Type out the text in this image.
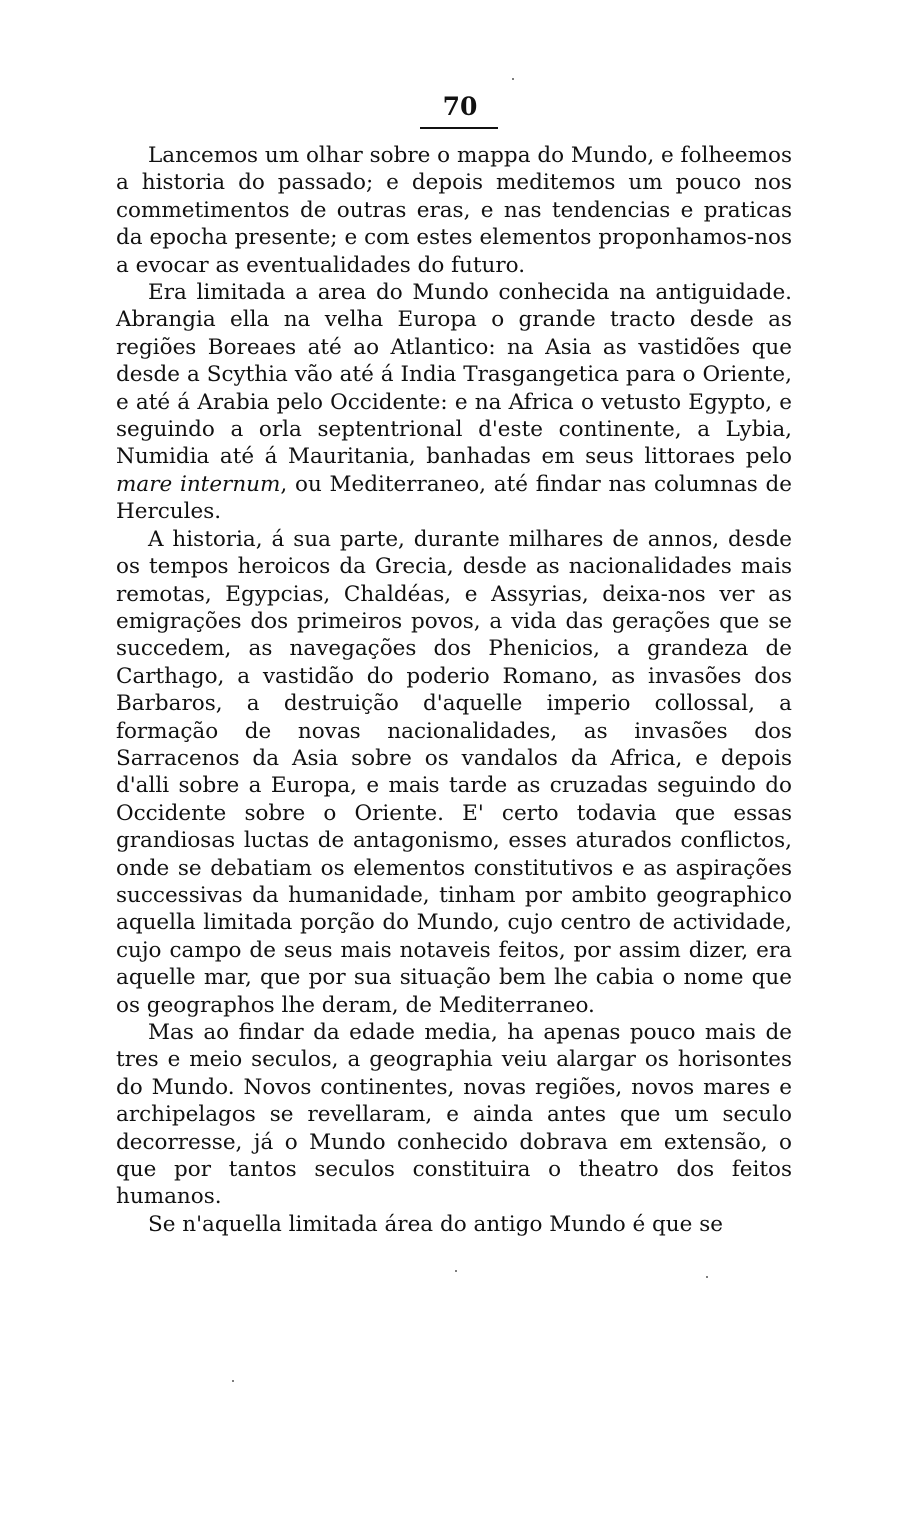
70

Lancemos um olhar sobre o mappa do Mundo, e folheemos a historia do passado; e depois meditemos um pouco nos commetimentos de outras eras, e nas tendencias e praticas da epocha presente; e com estes elementos proponhamos-nos a evocar as eventualidades do futuro.

Era limitada a area do Mundo conhecida na antiguidade. Abrangia ella na velha Europa o grande tracto desde as regiões Boreaes até ao Atlantico: na Asia as vastidões que desde a Scythia vão até á India Trasgangetica para o Oriente, e até á Arabia pelo Occidente: e na Africa o vetusto Egypto, e seguindo a orla septentrional d'este continente, a Lybia, Numidia até á Mauritania, banhadas em seus littoraes pelo mare internum, ou Mediterraneo, até findar nas columnas de Hercules.

A historia, á sua parte, durante milhares de annos, desde os tempos heroicos da Grecia, desde as nacionalidades mais remotas, Egypcias, Chaldéas, e Assyrias, deixa-nos ver as emigrações dos primeiros povos, a vida das gerações que se succedem, as navegações dos Phenicios, a grandeza de Carthago, a vastidão do poderio Romano, as invasões dos Barbaros, a destruição d'aquelle imperio collossal, a formação de novas nacionalidades, as invasões dos Sarracenos da Asia sobre os vandalos da Africa, e depois d'alli sobre a Europa, e mais tarde as cruzadas seguindo do Occidente sobre o Oriente. E' certo todavia que essas grandiosas luctas de antagonismo, esses aturados conflictos, onde se debatiam os elementos constitutivos e as aspirações successivas da humanidade, tinham por ambito geographico aquella limitada porção do Mundo, cujo centro de actividade, cujo campo de seus mais notaveis feitos, por assim dizer, era aquelle mar, que por sua situação bem lhe cabia o nome que os geographos lhe deram, de Mediterraneo.

Mas ao findar da edade media, ha apenas pouco mais de tres e meio seculos, a geographia veiu alargar os horisontes do Mundo. Novos continentes, novas regiões, novos mares e archipelagos se revellaram, e ainda antes que um seculo decorresse, já o Mundo conhecido dobrava em extensão, o que por tantos seculos constituira o theatro dos feitos humanos.

Se n'aquella limitada área do antigo Mundo é que se
